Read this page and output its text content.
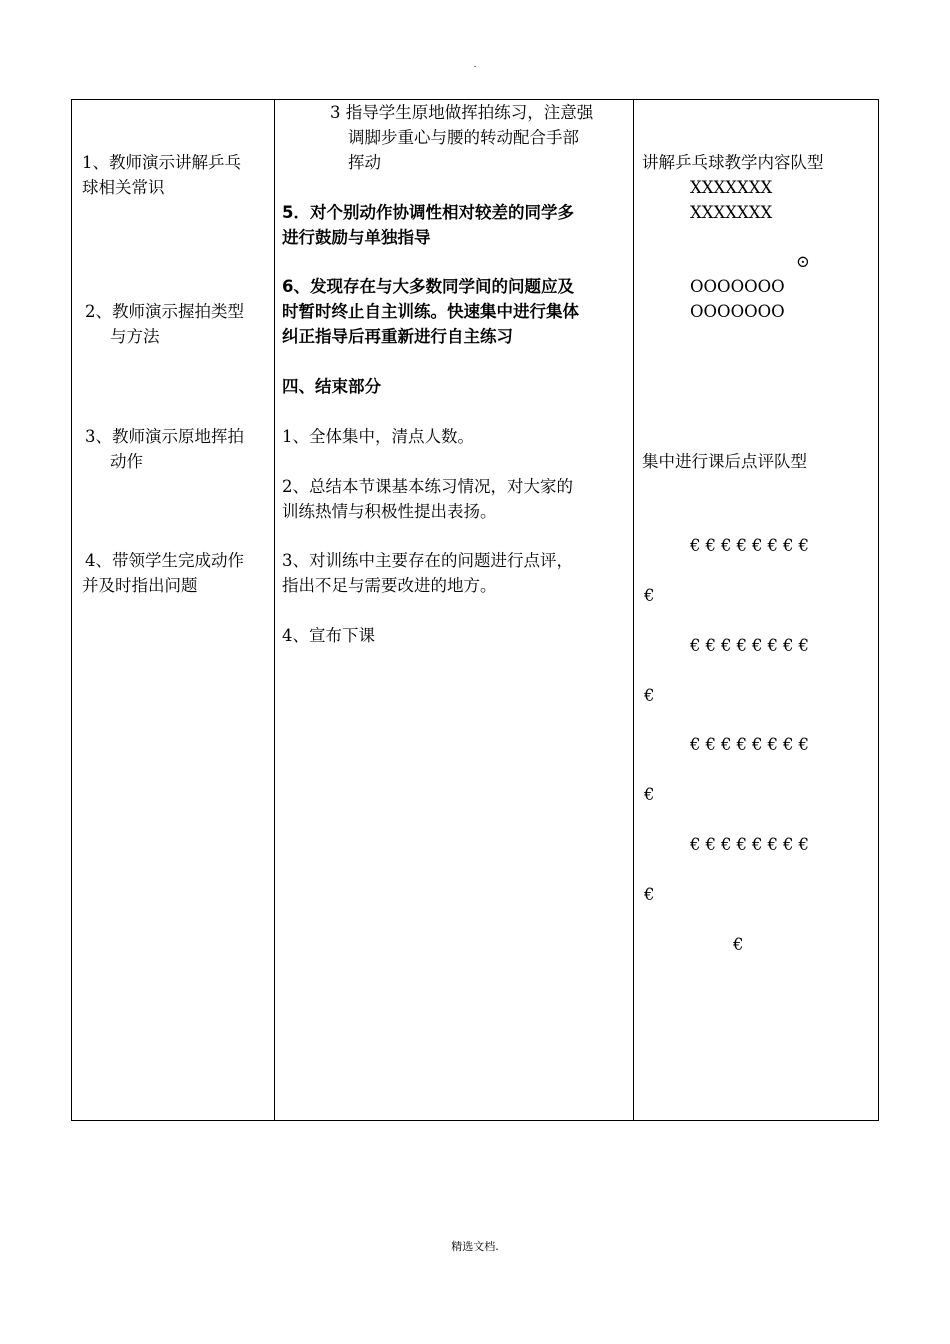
.
1、教师演示讲解乒乓
球相关常识
2、教师演示握拍类型
与方法
3、教师演示原地挥拍
动作
4、带领学生完成动作
并及时指出问题
3 指导学生原地做挥拍练习，注意强
调脚步重心与腰的转动配合手部
挥动
5．对个别动作协调性相对较差的同学多
进行鼓励与单独指导
6、发现存在与大多数同学间的问题应及
时暂时终止自主训练。快速集中进行集体
纠正指导后再重新进行自主练习
四、结束部分
1、全体集中，清点人数。
2、总结本节课基本练习情况，对大家的
训练热情与积极性提出表扬。
3、对训练中主要存在的问题进行点评，
指出不足与需要改进的地方。
4、宣布下课
讲解乒乓球教学内容队型
XXXXXXX
XXXXXXX
⊙
OOOOOOO
OOOOOOO
集中进行课后点评队型
€€€€€€€€
€
€€€€€€€€
€
€€€€€€€€
€
€€€€€€€€
€
€
精选文档.
